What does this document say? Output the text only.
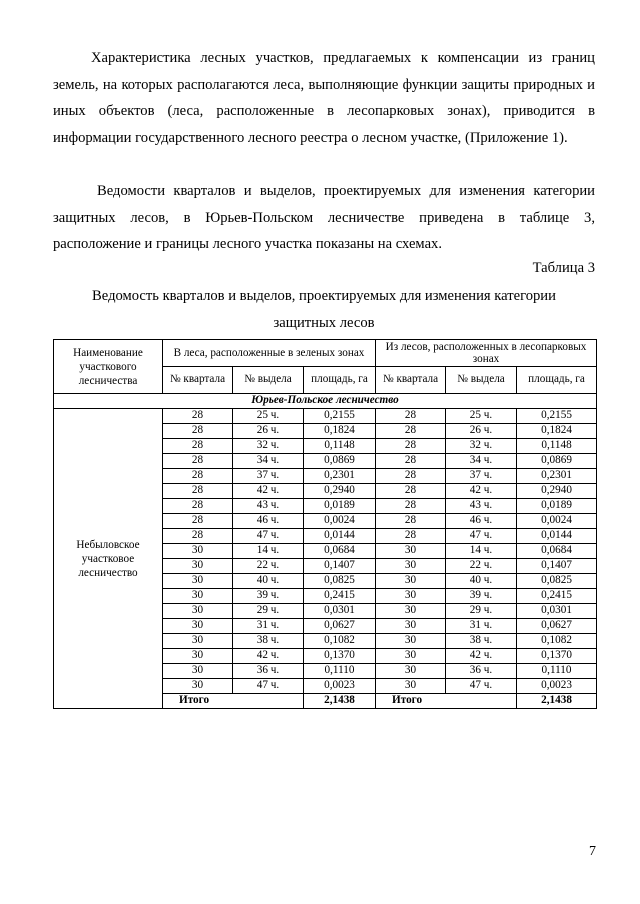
Характеристика лесных участков, предлагаемых к компенсации из границ земель, на которых располагаются леса, выполняющие функции защиты природных и иных объектов (леса, расположенные в лесопарковых зонах), приводится в информации государственного лесного реестра о лесном участке, (Приложение 1).

Ведомости кварталов и выделов, проектируемых для изменения категории защитных лесов, в Юрьев-Польском лесничестве приведена в таблице 3, расположение и границы лесного участка показаны на схемах.

Таблица 3
Ведомость кварталов и выделов, проектируемых для изменения категории защитных лесов
Наименование участкового лесничества	В леса, расположенные в зеленых зонах			Из лесов, расположенных в лесопарковых зонах		
	№ квартала	№ выдела	площадь, га	№ квартала	№ выдела	площадь, га
Юрьев-Польское лесничество						
Небыловское участковое лесничество	28	25 ч.	0,2155	28	25 ч.	0,2155
	28	26 ч.	0,1824	28	26 ч.	0,1824
	28	32 ч.	0,1148	28	32 ч.	0,1148
	28	34 ч.	0,0869	28	34 ч.	0,0869
	28	37 ч.	0,2301	28	37 ч.	0,2301
	28	42 ч.	0,2940	28	42 ч.	0,2940
	28	43 ч.	0,0189	28	43 ч.	0,0189
	28	46 ч.	0,0024	28	46 ч.	0,0024
	28	47 ч.	0,0144	28	47 ч.	0,0144
	30	14 ч.	0,0684	30	14 ч.	0,0684
	30	22 ч.	0,1407	30	22 ч.	0,1407
	30	40 ч.	0,0825	30	40 ч.	0,0825
	30	39 ч.	0,2415	30	39 ч.	0,2415
	30	29 ч.	0,0301	30	29 ч.	0,0301
	30	31 ч.	0,0627	30	31 ч.	0,0627
	30	38 ч.	0,1082	30	38 ч.	0,1082
	30	42 ч.	0,1370	30	42 ч.	0,1370
	30	36 ч.	0,1110	30	36 ч.	0,1110
	30	47 ч.	0,0023	30	47 ч.	0,0023
	Итого		2,1438	Итого		2,1438
7
